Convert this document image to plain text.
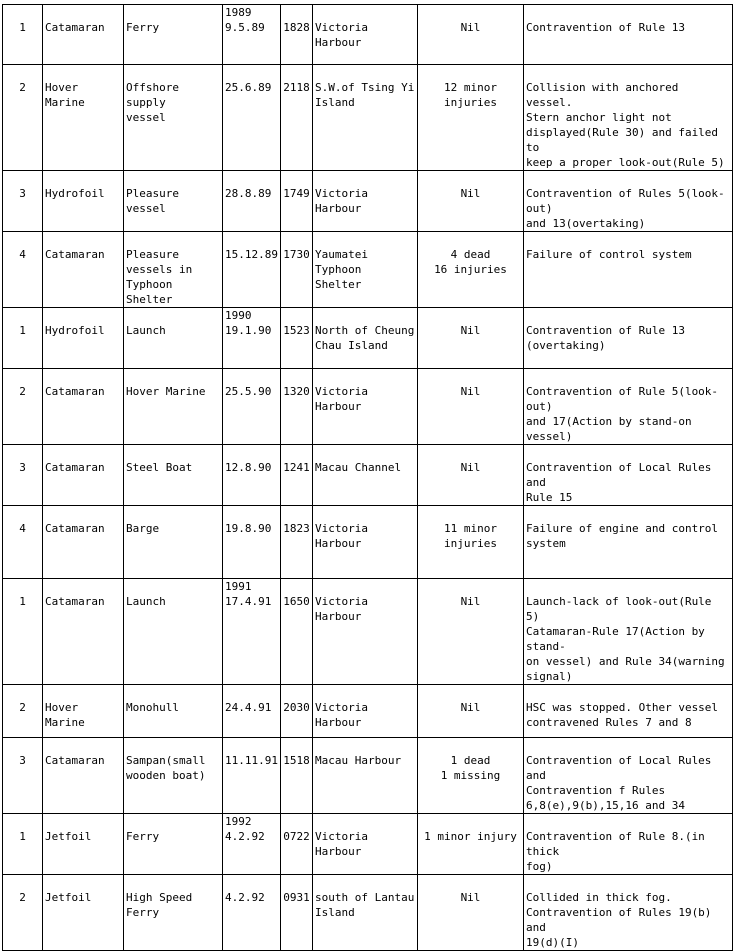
1	Catamaran	Ferry	1989
9.5.89	1828	Victoria Harbour	Nil	Contravention of Rule 13

2	Hover Marine	Offshore supply
vessel	25.6.89	2118	S.W.of Tsing Yi
Island	12 minor
injuries	Collision with anchored vessel.
Stern anchor light not
displayed(Rule 30) and failed to
keep a proper look-out(Rule 5)

3	Hydrofoil	Pleasure vessel	28.8.89	1749	Victoria Harbour	Nil	Contravention of Rules 5(look-out)
and 13(overtaking)

4	Catamaran	Pleasure
vessels in
Typhoon Shelter	15.12.89	1730	Yaumatei Typhoon
Shelter	4 dead
16 injuries	Failure of control system

1	Hydrofoil	Launch	1990
19.1.90	1523	North of Cheung
Chau Island	Nil	Contravention of Rule 13
(overtaking)

2	Catamaran	Hover Marine	25.5.90	1320	Victoria Harbour	Nil	Contravention of Rule 5(look-out)
and 17(Action by stand-on vessel)

3	Catamaran	Steel Boat	12.8.90	1241	Macau Channel	Nil	Contravention of Local Rules and
Rule 15

4	Catamaran	Barge	19.8.90	1823	Victoria Harbour	11 minor
injuries	Failure of engine and control
system

1	Catamaran	Launch	1991
17.4.91	1650	Victoria Harbour	Nil	Launch-lack of look-out(Rule 5)
Catamaran-Rule 17(Action by stand-
on vessel) and Rule 34(warning
signal)

2	Hover Marine	Monohull	24.4.91	2030	Victoria Harbour	Nil	HSC was stopped. Other vessel
contravened Rules 7 and 8

3	Catamaran	Sampan(small
wooden boat)	11.11.91	1518	Macau Harbour	1 dead
1 missing	Contravention of Local Rules and
Contravention f Rules
6,8(e),9(b),15,16 and 34

1	Jetfoil	Ferry	1992
4.2.92	0722	Victoria Harbour	1 minor injury	Contravention of Rule 8.(in thick
fog)

2	Jetfoil	High Speed
Ferry	4.2.92	0931	south of Lantau
Island	Nil	Collided in thick fog.
Contravention of Rules 19(b) and
19(d)(I)
